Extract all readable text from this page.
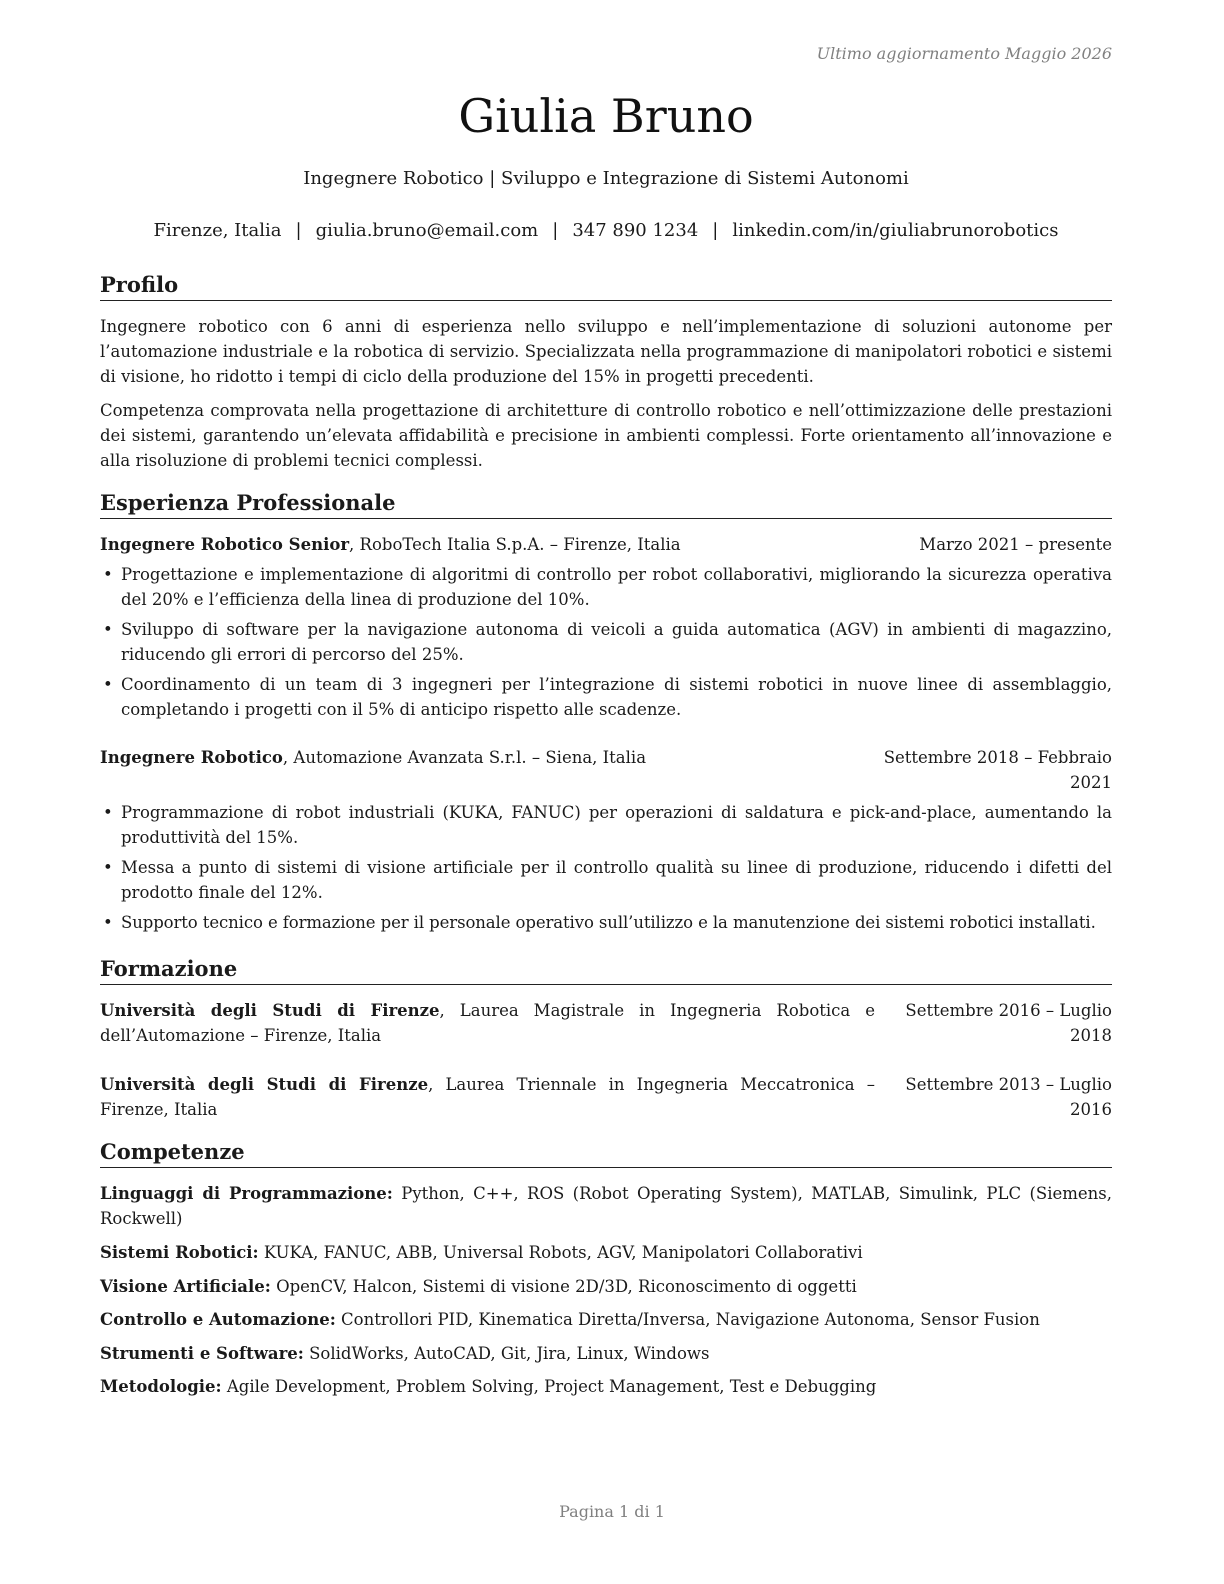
Ultimo aggiornamento Maggio 2026
Giulia Bruno
Ingegnere Robotico | Sviluppo e Integrazione di Sistemi Autonomi
Firenze, Italia | giulia.bruno@email.com | 347 890 1234 | linkedin.com/in/giuliabrunorobotics
Profilo

Ingegnere robotico con 6 anni di esperienza nello sviluppo e nell’implementazione di soluzioni autonome per l’automazione industriale e la robotica di servizio. Specializzata nella programmazione di manipolatori robotici e sistemi di visione, ho ridotto i tempi di ciclo della produzione del 15% in progetti precedenti.

Competenza comprovata nella progettazione di architetture di controllo robotico e nell’ottimizzazione delle prestazioni dei sistemi, garantendo un’elevata affidabilità e precisione in ambienti complessi. Forte orientamento all’innovazione e alla risoluzione di problemi tecnici complessi.

Esperienza Professionale
Ingegnere Robotico Senior, RoboTech Italia S.p.A. – Firenze, Italia	Marzo 2021 – presente
• Progettazione e implementazione di algoritmi di controllo per robot collaborativi, migliorando la sicurezza operativa del 20% e l’efficienza della linea di produzione del 10%.
• Sviluppo di software per la navigazione autonoma di veicoli a guida automatica (AGV) in ambienti di magazzino, riducendo gli errori di percorso del 25%.
• Coordinamento di un team di 3 ingegneri per l’integrazione di sistemi robotici in nuove linee di assemblaggio, completando i progetti con il 5% di anticipo rispetto alle scadenze.
Ingegnere Robotico, Automazione Avanzata S.r.l. – Siena, Italia	Settembre 2018 – Febbraio 2021
• Programmazione di robot industriali (KUKA, FANUC) per operazioni di saldatura e pick-and-place, aumentando la produttività del 15%.
• Messa a punto di sistemi di visione artificiale per il controllo qualità su linee di produzione, riducendo i difetti del prodotto finale del 12%.
• Supporto tecnico e formazione per il personale operativo sull’utilizzo e la manutenzione dei sistemi robotici installati.
Formazione
Università degli Studi di Firenze, Laurea Magistrale in Ingegneria Robotica e dell’Automazione – Firenze, Italia
Settembre 2016 – Luglio 2018
Università degli Studi di Firenze, Laurea Triennale in Ingegneria Meccatronica – Firenze, Italia
Settembre 2013 – Luglio 2016
Competenze
Linguaggi di Programmazione: Python, C++, ROS (Robot Operating System), MATLAB, Simulink, PLC (Siemens, Rockwell)
Sistemi Robotici: KUKA, FANUC, ABB, Universal Robots, AGV, Manipolatori Collaborativi
Visione Artificiale: OpenCV, Halcon, Sistemi di visione 2D/3D, Riconoscimento di oggetti
Controllo e Automazione: Controllori PID, Kinematica Diretta/Inversa, Navigazione Autonoma, Sensor Fusion
Strumenti e Software: SolidWorks, AutoCAD, Git, Jira, Linux, Windows
Metodologie: Agile Development, Problem Solving, Project Management, Test e Debugging
Pagina 1 di 1
